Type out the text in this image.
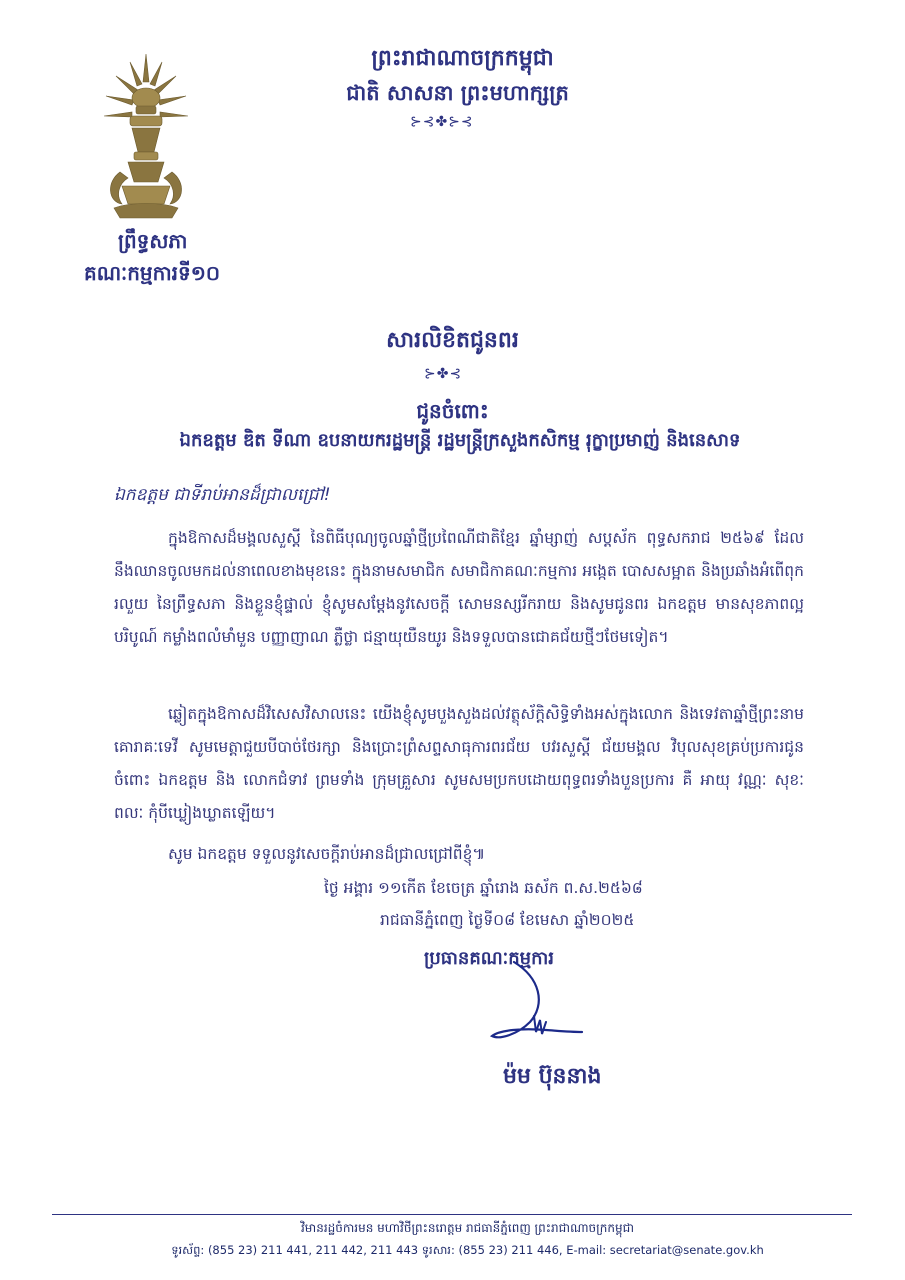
ព្រឹទ្ធសភា
គណៈកម្មការទី១០
ព្រះរាជាណាចក្រកម្ពុជា
ជាតិ សាសនា ព្រះមហាក្សត្រ
⊱⊰✤⊱⊰
សារលិខិតជូនពរ
⊱✤⊰
ជូនចំពោះ
ឯកឧត្តម ឌិត ទីណា ឧបនាយករដ្ឋមន្ត្រី រដ្ឋមន្ត្រីក្រសួងកសិកម្ម រុក្ខាប្រមាញ់ និងនេសាទ
ឯកឧត្តម ជាទីរាប់អានដ៏ជ្រាលជ្រៅ!
ក្នុងឱកាសដ៏មង្គលសួស្តី នៃពិធីបុណ្យចូលឆ្នាំថ្មីប្រពៃណីជាតិខ្មែរ ឆ្នាំម្សាញ់ សប្តស័ក ពុទ្ធសករាជ ២៥៦៩ ដែលនឹងឈានចូលមកដល់នាពេលខាងមុខនេះ ក្នុងនាមសមាជិក សមាជិកាគណៈកម្មការ អង្កេត បោសសម្អាត និងប្រឆាំងអំពើពុករលួយ នៃព្រឹទ្ធសភា និងខ្លួនខ្ញុំផ្ទាល់ ខ្ញុំសូមសម្តែងនូវសេចក្តី សោមនស្សរីករាយ និងសូមជូនពរ ឯកឧត្តម មានសុខភាពល្អបរិបូណ៍ កម្លាំងពលំមាំមួន បញ្ញាញាណ ភ្លឺថ្លា ជន្មាយុយឺនយូរ និងទទួលបានជោគជ័យថ្មីៗថែមទៀត។
ឆ្លៀតក្នុងឱកាសដ៏វិសេសវិសាលនេះ យើងខ្ញុំសូមបួងសួងដល់វត្ថុស័ក្តិសិទ្ធិទាំងអស់ក្នុងលោក និងទេវតាឆ្នាំថ្មីព្រះនាម គោរាគៈទេវី សូមមេត្តាជួយបីបាច់ថែរក្សា និងប្រោះព្រំសព្ទសាធុការពរជ័យ បវរសួស្តី ជ័យមង្គល វិបុលសុខគ្រប់ប្រការជូនចំពោះ ឯកឧត្តម និង លោកជំទាវ ព្រមទាំង ក្រុមគ្រួសារ សូមសមប្រកបដោយពុទ្ធពរទាំងបួនប្រការ គឺ អាយុ វណ្ណៈ សុខៈ ពលៈ កុំបីឃ្លៀងឃ្លាតឡើយ។
សូម ឯកឧត្តម ទទួលនូវសេចក្តីរាប់អានដ៏ជ្រាលជ្រៅពីខ្ញុំ៕
ថ្ងៃ អង្គារ ១១កើត ខែចេត្រ ឆ្នាំរោង ឆស័ក ព.ស.២៥៦៨
រាជធានីភ្នំពេញ ថ្ងៃទី០៨ ខែមេសា ឆ្នាំ២០២៥
ប្រធានគណៈកម្មការ
ម៉ម ប៊ុននាង
វិមានរដ្ឋចំការមន មហាវិថីព្រះនរោត្តម រាជធានីភ្នំពេញ ព្រះរាជាណាចក្រកម្ពុជា
ទូរស័ព្ទ: (855 23) 211 441, 211 442, 211 443 ទូរសារ: (855 23) 211 446, E-mail: secretariat@senate.gov.kh
